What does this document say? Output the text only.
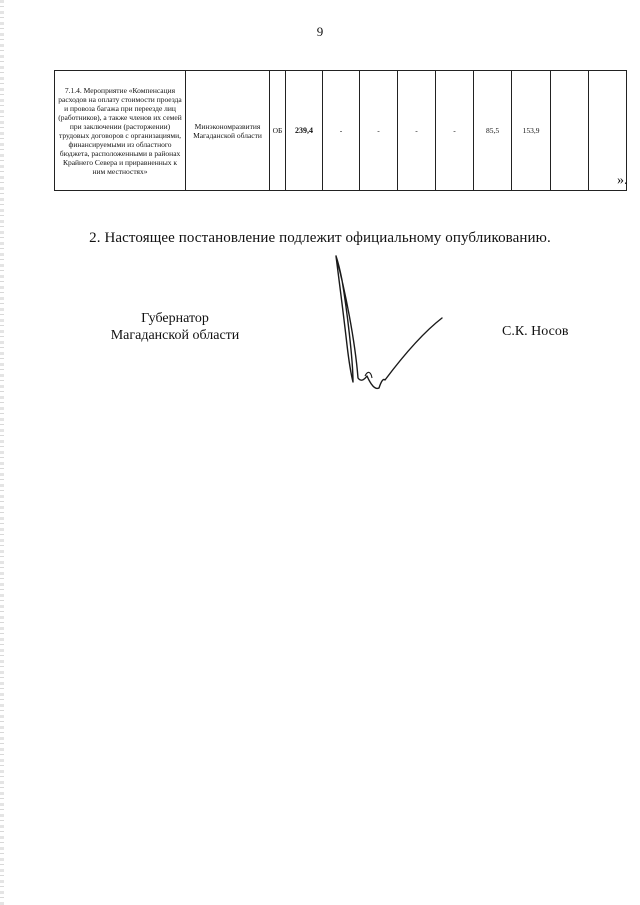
9
7.1.4. Мероприятие «Компенсация расходов на оплату стоимости проезда и провоза багажа при переезде лиц (работников), а также членов их семей при заключении (расторжении) трудовых договоров с организациями, финансируемыми из областного бюджета, расположенными в районах Крайнего Севера и приравненных к ним местностях»	Минэкономразвития Магаданской области	ОБ	239,4	-	-	-	-	85,5	153,9		
».
2. Настоящее постановление подлежит официальному опубликованию.
Губернатор
Магаданской области	С.К. Носов
